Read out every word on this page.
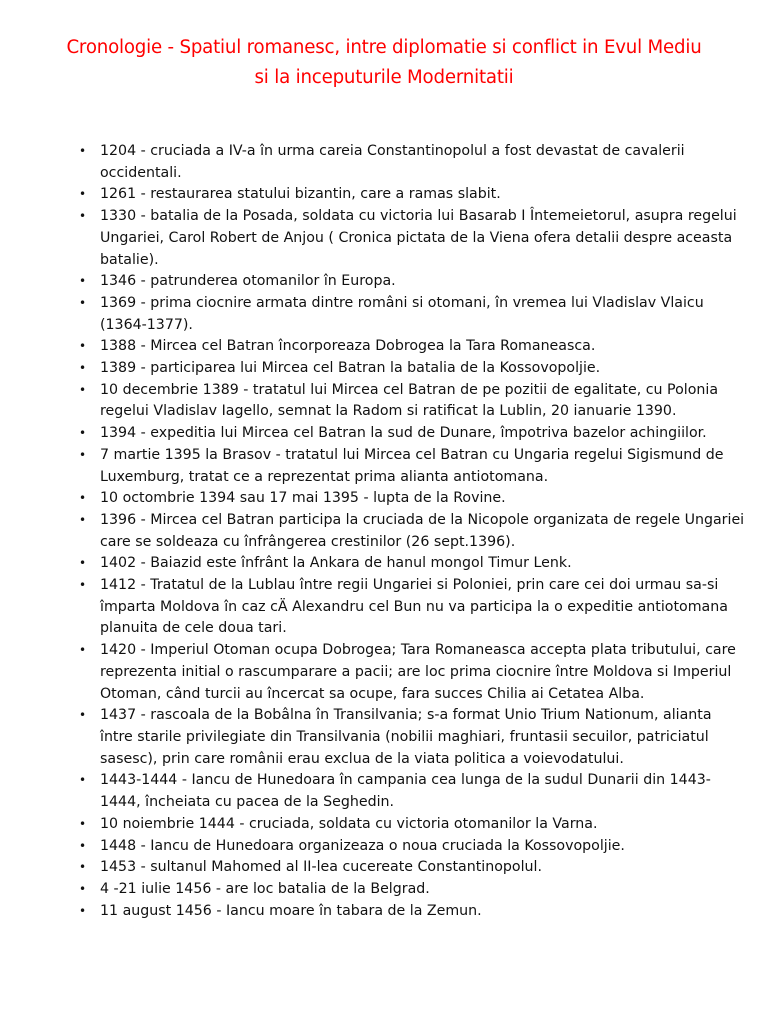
Cronologie - Spatiul romanesc, intre diplomatie si conflict in Evul Mediu
si la inceputurile Modernitatii
• 1204 - cruciada a IV-a în urma careia Constantinopolul a fost devastat de cavalerii occidentali.
• 1261 - restaurarea statului bizantin, care a ramas slabit.
• 1330 - batalia de la Posada, soldata cu victoria lui Basarab I Întemeietorul, asupra regelui Ungariei, Carol Robert de Anjou ( Cronica pictata de la Viena ofera detalii despre aceasta batalie).
• 1346 - patrunderea otomanilor în Europa.
• 1369 - prima ciocnire armata dintre români si otomani, în vremea lui Vladislav Vlaicu (1364-1377).
• 1388 - Mircea cel Batran încorporeaza Dobrogea la Tara Romaneasca.
• 1389 - participarea lui Mircea cel Batran la batalia de la Kossovopoljie.
• 10 decembrie 1389 - tratatul lui Mircea cel Batran de pe pozitii de egalitate, cu Polonia regelui Vladislav Iagello, semnat la Radom si ratificat la Lublin, 20 ianuarie 1390.
• 1394 - expeditia lui Mircea cel Batran la sud de Dunare, împotriva bazelor achingiilor.
• 7 martie 1395 la Brasov - tratatul lui Mircea cel Batran cu Ungaria regelui Sigismund de Luxemburg, tratat ce a reprezentat prima alianta antiotomana.
• 10 octombrie 1394 sau 17 mai 1395 - lupta de la Rovine.
• 1396 - Mircea cel Batran participa la cruciada de la Nicopole organizata de regele Ungariei care se soldeaza cu înfrângerea crestinilor (26 sept.1396).
• 1402 - Baiazid este înfrânt la Ankara de hanul mongol Timur Lenk.
• 1412 - Tratatul de la Lublau între regii Ungariei si Poloniei, prin care cei doi urmau sa-si împarta Moldova în caz cÄ Alexandru cel Bun nu va participa la o expeditie antiotomana planuita de cele doua tari.
• 1420 - Imperiul Otoman ocupa Dobrogea; Tara Romaneasca accepta plata tributului, care reprezenta initial o rascumparare a pacii; are loc prima ciocnire între Moldova si Imperiul Otoman, când turcii au încercat sa ocupe, fara succes Chilia ai Cetatea Alba.
• 1437 - rascoala de la Bobâlna în Transilvania; s-a format Unio Trium Nationum, alianta între starile privilegiate din Transilvania (nobilii maghiari, fruntasii secuilor, patriciatul sasesc), prin care românii erau exclua de la viata politica a voievodatului.
• 1443-1444 - Iancu de Hunedoara în campania cea lunga de la sudul Dunarii din 1443-1444, încheiata cu pacea de la Seghedin.
• 10 noiembrie 1444 - cruciada, soldata cu victoria otomanilor la Varna.
• 1448 - Iancu de Hunedoara organizeaza o noua cruciada la Kossovopoljie.
• 1453 - sultanul Mahomed al II-lea cucereate Constantinopolul.
• 4 -21 iulie 1456 - are loc batalia de la Belgrad.
• 11 august 1456 - Iancu moare în tabara de la Zemun.
